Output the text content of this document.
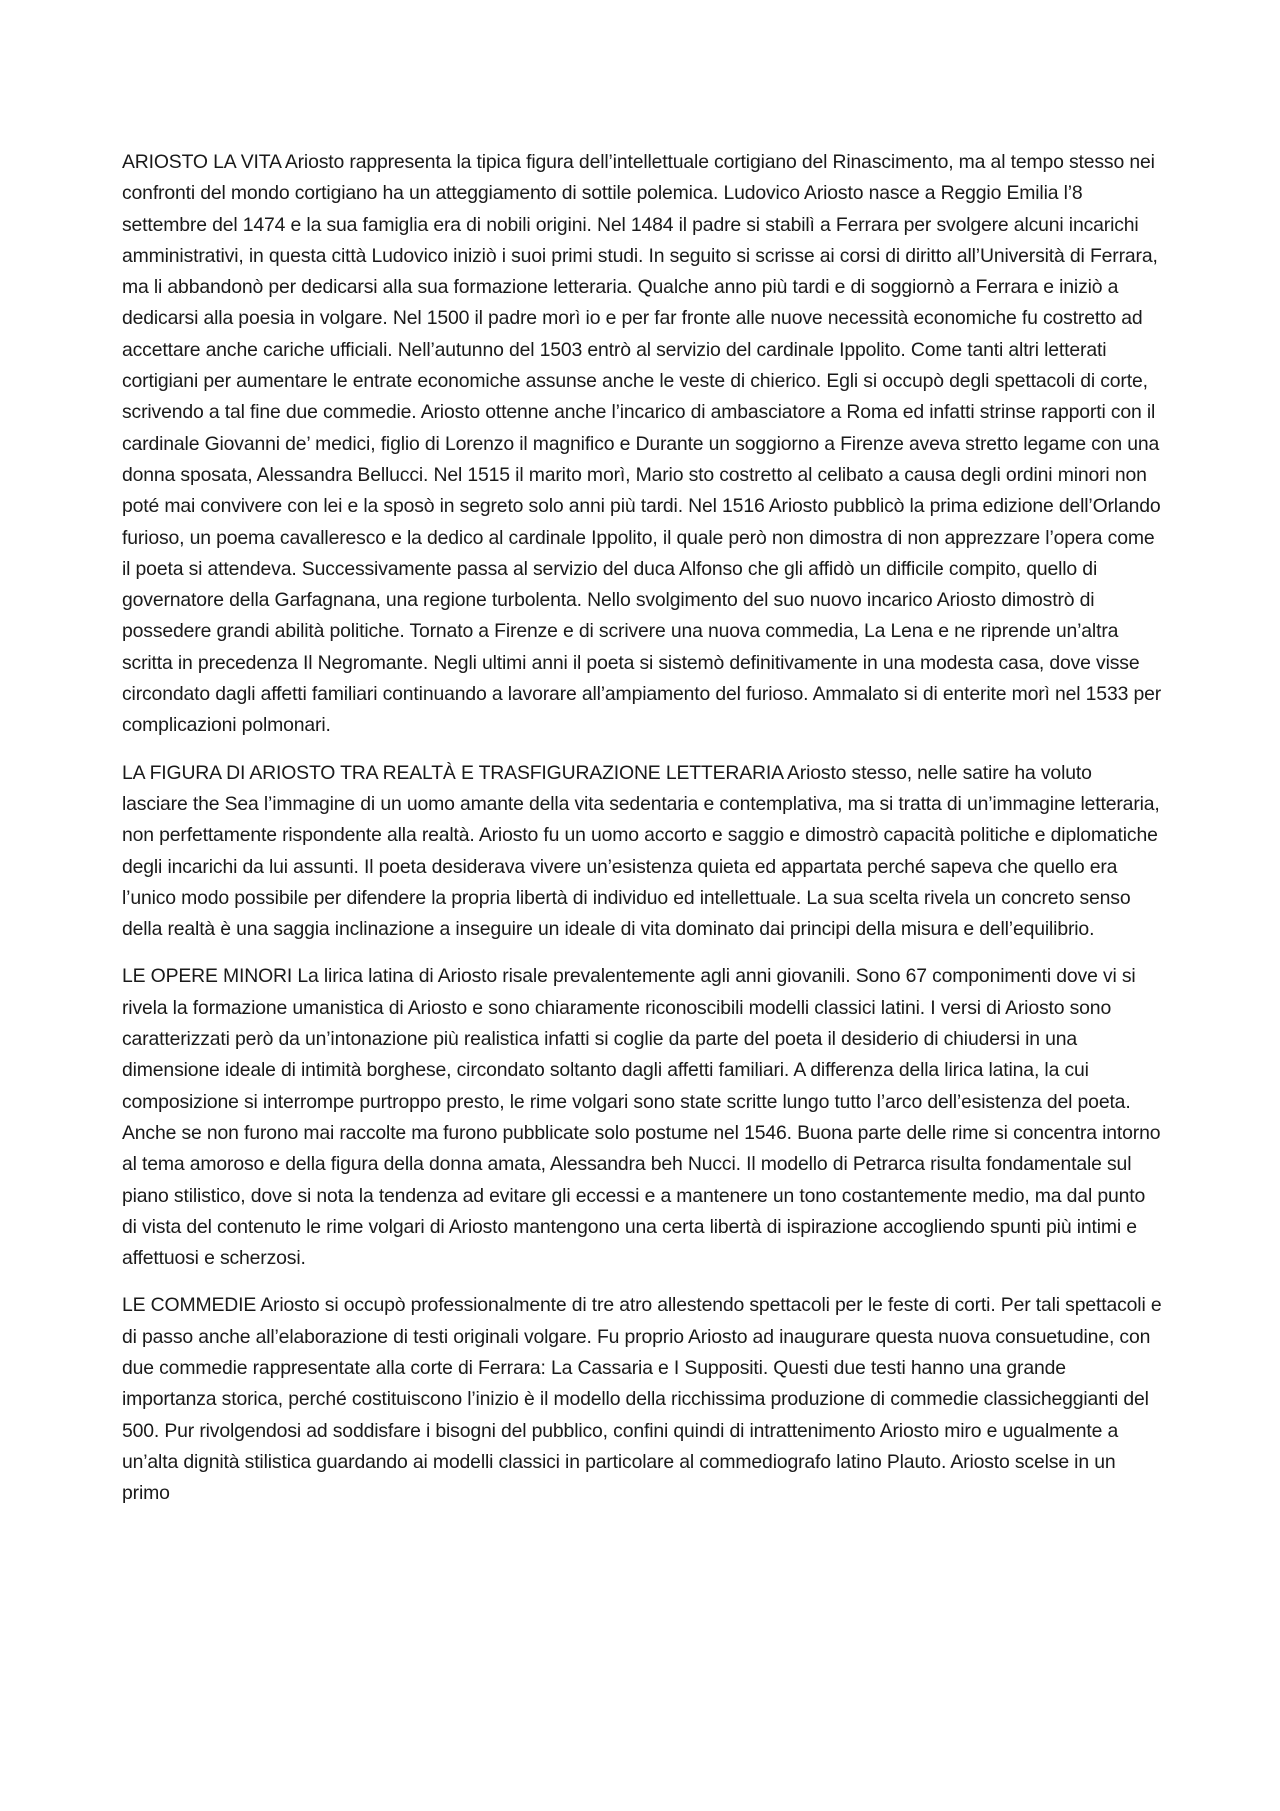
ARIOSTO LA VITA Ariosto rappresenta la tipica figura dell’intellettuale cortigiano del Rinascimento, ma al tempo stesso nei confronti del mondo cortigiano ha un atteggiamento di sottile polemica. Ludovico Ariosto nasce a Reggio Emilia l’8 settembre del 1474 e la sua famiglia era di nobili origini. Nel 1484 il padre si stabilì a Ferrara per svolgere alcuni incarichi amministrativi, in questa città Ludovico iniziò i suoi primi studi. In seguito si scrisse ai corsi di diritto all’Università di Ferrara, ma li abbandonò per dedicarsi alla sua formazione letteraria. Qualche anno più tardi e di soggiornò a Ferrara e iniziò a dedicarsi alla poesia in volgare. Nel 1500 il padre morì io e per far fronte alle nuove necessità economiche fu costretto ad accettare anche cariche ufficiali. Nell’autunno del 1503 entrò al servizio del cardinale Ippolito. Come tanti altri letterati cortigiani per aumentare le entrate economiche assunse anche le veste di chierico. Egli si occupò degli spettacoli di corte, scrivendo a tal fine due commedie. Ariosto ottenne anche l’incarico di ambasciatore a Roma ed infatti strinse rapporti con il cardinale Giovanni de’ medici, figlio di Lorenzo il magnifico e Durante un soggiorno a Firenze aveva stretto legame con una donna sposata, Alessandra Bellucci. Nel 1515 il marito morì, Mario sto costretto al celibato a causa degli ordini minori non poté mai convivere con lei e la sposò in segreto solo anni più tardi. Nel 1516 Ariosto pubblicò la prima edizione dell’Orlando furioso, un poema cavalleresco e la dedico al cardinale Ippolito, il quale però non dimostra di non apprezzare l’opera come il poeta si attendeva. Successivamente passa al servizio del duca Alfonso che gli affidò un difficile compito, quello di governatore della Garfagnana, una regione turbolenta. Nello svolgimento del suo nuovo incarico Ariosto dimostrò di possedere grandi abilità politiche. Tornato a Firenze e di scrivere una nuova commedia, La Lena e ne riprende un’altra scritta in precedenza Il Negromante. Negli ultimi anni il poeta si sistemò definitivamente in una modesta casa, dove visse circondato dagli affetti familiari continuando a lavorare all’ampiamento del furioso. Ammalato si di enterite morì nel 1533 per complicazioni polmonari.

LA FIGURA DI ARIOSTO TRA REALTÀ E TRASFIGURAZIONE LETTERARIA Ariosto stesso, nelle satire ha voluto lasciare the Sea l’immagine di un uomo amante della vita sedentaria e contemplativa, ma si tratta di un’immagine letteraria, non perfettamente rispondente alla realtà. Ariosto fu un uomo accorto e saggio e dimostrò capacità politiche e diplomatiche degli incarichi da lui assunti. Il poeta desiderava vivere un’esistenza quieta ed appartata perché sapeva che quello era l’unico modo possibile per difendere la propria libertà di individuo ed intellettuale. La sua scelta rivela un concreto senso della realtà è una saggia inclinazione a inseguire un ideale di vita dominato dai principi della misura e dell’equilibrio.

LE OPERE MINORI La lirica latina di Ariosto risale prevalentemente agli anni giovanili. Sono 67 componimenti dove vi si rivela la formazione umanistica di Ariosto e sono chiaramente riconoscibili modelli classici latini. I versi di Ariosto sono caratterizzati però da un’intonazione più realistica infatti si coglie da parte del poeta il desiderio di chiudersi in una dimensione ideale di intimità borghese, circondato soltanto dagli affetti familiari. A differenza della lirica latina, la cui composizione si interrompe purtroppo presto, le rime volgari sono state scritte lungo tutto l’arco dell’esistenza del poeta. Anche se non furono mai raccolte ma furono pubblicate solo postume nel 1546. Buona parte delle rime si concentra intorno al tema amoroso e della figura della donna amata, Alessandra beh Nucci. Il modello di Petrarca risulta fondamentale sul piano stilistico, dove si nota la tendenza ad evitare gli eccessi e a mantenere un tono costantemente medio, ma dal punto di vista del contenuto le rime volgari di Ariosto mantengono una certa libertà di ispirazione accogliendo spunti più intimi e affettuosi e scherzosi.

LE COMMEDIE Ariosto si occupò professionalmente di tre atro allestendo spettacoli per le feste di corti. Per tali spettacoli e di passo anche all’elaborazione di testi originali volgare. Fu proprio Ariosto ad inaugurare questa nuova consuetudine, con due commedie rappresentate alla corte di Ferrara: La Cassaria e I Suppositi. Questi due testi hanno una grande importanza storica, perché costituiscono l’inizio è il modello della ricchissima produzione di commedie classicheggianti del 500. Pur rivolgendosi ad soddisfare i bisogni del pubblico, confini quindi di intrattenimento Ariosto miro e ugualmente a un’alta dignità stilistica guardando ai modelli classici in particolare al commediografo latino Plauto. Ariosto scelse in un primo
